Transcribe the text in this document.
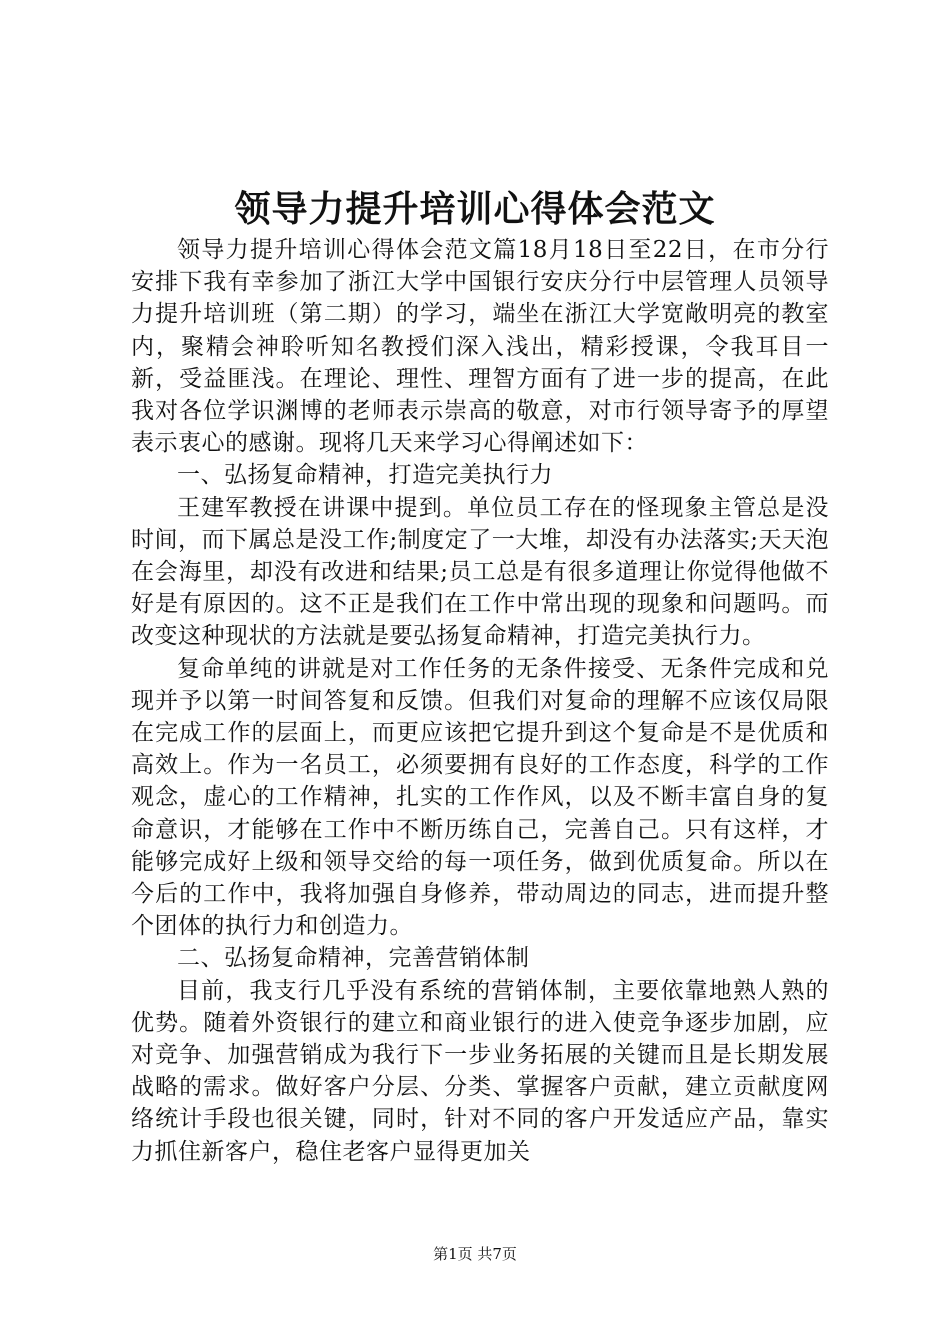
领导力提升培训心得体会范文

领导力提升培训心得体会范文篇18月18日至22日，在市分行安排下我有幸参加了浙江大学中国银行安庆分行中层管理人员领导力提升培训班（第二期）的学习，端坐在浙江大学宽敞明亮的教室内，聚精会神聆听知名教授们深入浅出，精彩授课，令我耳目一新，受益匪浅。在理论、理性、理智方面有了进一步的提高，在此我对各位学识渊博的老师表示崇高的敬意，对市行领导寄予的厚望表示衷心的感谢。现将几天来学习心得阐述如下：

一、弘扬复命精神，打造完美执行力

王建军教授在讲课中提到。单位员工存在的怪现象主管总是没时间，而下属总是没工作;制度定了一大堆，却没有办法落实;天天泡在会海里，却没有改进和结果;员工总是有很多道理让你觉得他做不好是有原因的。这不正是我们在工作中常出现的现象和问题吗。而改变这种现状的方法就是要弘扬复命精神，打造完美执行力。

复命单纯的讲就是对工作任务的无条件接受、无条件完成和兑现并予以第一时间答复和反馈。但我们对复命的理解不应该仅局限在完成工作的层面上，而更应该把它提升到这个复命是不是优质和高效上。作为一名员工，必须要拥有良好的工作态度，科学的工作观念，虚心的工作精神，扎实的工作作风，以及不断丰富自身的复命意识，才能够在工作中不断历练自己，完善自己。只有这样，才能够完成好上级和领导交给的每一项任务，做到优质复命。所以在今后的工作中，我将加强自身修养，带动周边的同志，进而提升整个团体的执行力和创造力。

二、弘扬复命精神，完善营销体制

目前，我支行几乎没有系统的营销体制，主要依靠地熟人熟的优势。随着外资银行的建立和商业银行的进入使竞争逐步加剧，应对竞争、加强营销成为我行下一步业务拓展的关键而且是长期发展战略的需求。做好客户分层、分类、掌握客户贡献，建立贡献度网络统计手段也很关键，同时，针对不同的客户开发适应产品，靠实力抓住新客户，稳住老客户显得更加关

第1页 共7页
